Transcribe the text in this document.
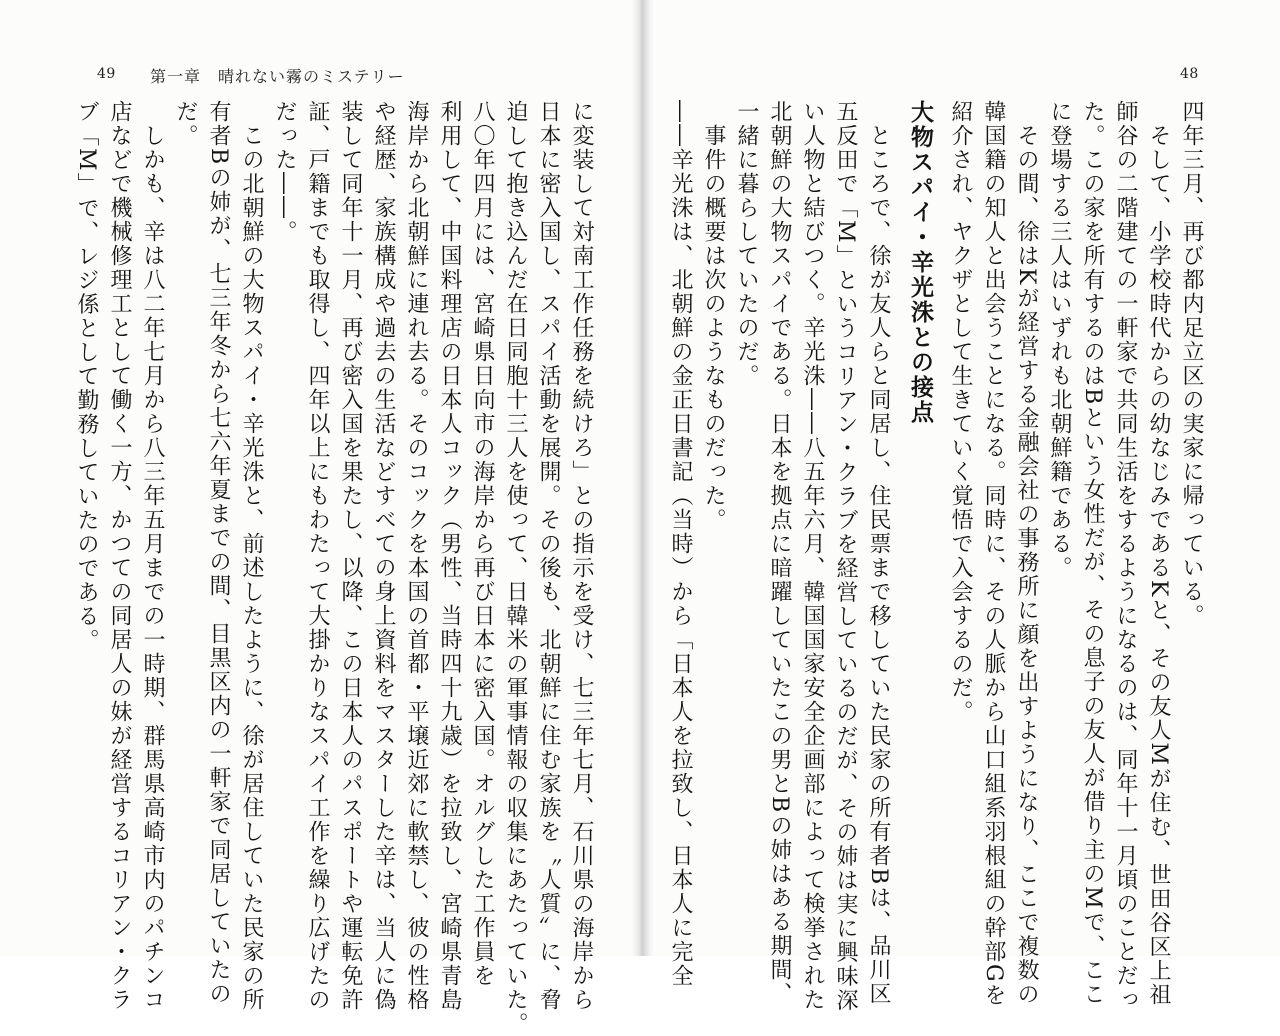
49 第一章　晴れない霧のミステリー
に変装して対南工作任務を続けろ」との指示を受け、七三年七月、石川県の海岸から
日本に密入国し、スパイ活動を展開。その後も、北朝鮮に住む家族を〝人質〟に、脅
迫して抱き込んだ在日同胞十三人を使って、日韓米の軍事情報の収集にあたっていた。
八〇年四月には、宮崎県日向市の海岸から再び日本に密入国。オルグした工作員を
利用して、中国料理店の日本人コック（男性、当時四十九歳）を拉致し、宮崎県青島
海岸から北朝鮮に連れ去る。そのコックを本国の首都・平壌近郊に軟禁し、彼の性格
や経歴、家族構成や過去の生活などすべての身上資料をマスターした辛は、当人に偽
装して同年十一月、再び密入国を果たし、以降、この日本人のパスポートや運転免許
証、戸籍までも取得し、四年以上にもわたって大掛かりなスパイ工作を繰り広げたの
だった――。
　この北朝鮮の大物スパイ・辛光洙と、前述したように、徐が居住していた民家の所
有者Bの姉が、七三年冬から七六年夏までの間、目黒区内の一軒家で同居していたの
だ。
　しかも、辛は八二年七月から八三年五月までの一時期、群馬県高崎市内のパチンコ
店などで機械修理工として働く一方、かつての同居人の妹が経営するコリアン・クラ
ブ「M」で、レジ係として勤務していたのである。
48
四年三月、再び都内足立区の実家に帰っている。
　そして、小学校時代からの幼なじみであるKと、その友人Mが住む、世田谷区上祖
師谷の二階建ての一軒家で共同生活をするようになるのは、同年十一月頃のことだっ
た。この家を所有するのはBという女性だが、その息子の友人が借り主のMで、ここ
に登場する三人はいずれも北朝鮮籍である。
　その間、徐はKが経営する金融会社の事務所に顔を出すようになり、ここで複数の
韓国籍の知人と出会うことになる。同時に、その人脈から山口組系羽根組の幹部Gを
紹介され、ヤクザとして生きていく覚悟で入会するのだ。
大物スパイ・辛光洙との接点
　ところで、徐が友人らと同居し、住民票まで移していた民家の所有者Bは、品川区
五反田で「M」というコリアン・クラブを経営しているのだが、その姉は実に興味深
い人物と結びつく。辛光洙――八五年六月、韓国国家安全企画部によって検挙された
北朝鮮の大物スパイである。日本を拠点に暗躍していたこの男とBの姉はある期間、
一緒に暮らしていたのだ。
　事件の概要は次のようなものだった。
――辛光洙は、北朝鮮の金正日書記（当時）から「日本人を拉致し、日本人に完全
